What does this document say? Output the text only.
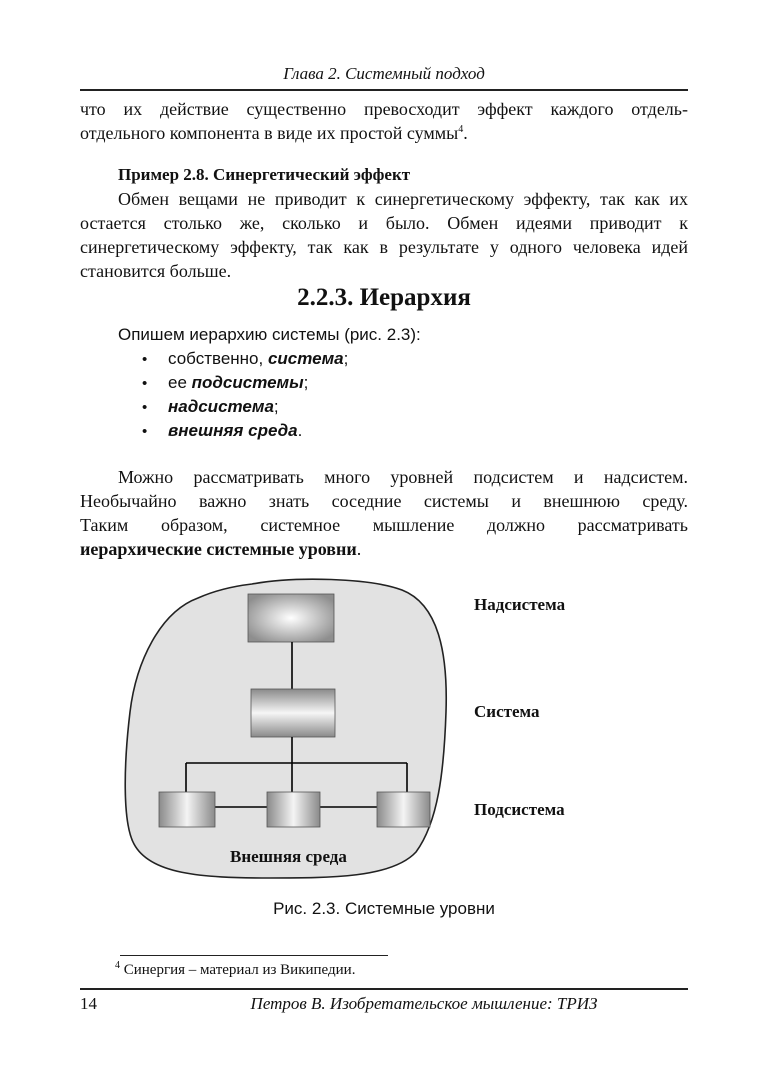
Глава 2. Системный подход
что их действие существенно превосходит эффект каждого отдель-
отдельного компонента в виде их простой суммы$^4$.
Пример 2.8. Синергетический эффект
Обмен вещами не приводит к синергетическому эффекту, так как их
остается столько же, сколько и было. Обмен идеями приводит к
синергетическому эффекту, так как в результате у одного человека идей
становится больше.
2.2.3. Иерархия
Опишем иерархию системы (рис. 2.3):
• собственно, система;
• ее подсистемы;
• надсистема;
• внешняя среда.
Можно рассматривать много уровней подсистем и надсистем.
Необычайно важно знать соседние системы и внешнюю среду.
Таким образом, системное мышление должно рассматривать
иерархические системные уровни.
Внешняя среда
Надсистема
Система
Подсистема
Рис. 2.3. Системные уровни
$^4$ Синергия – материал из Википедии.
14	Петров В. Изобретательское мышление: ТРИЗ
